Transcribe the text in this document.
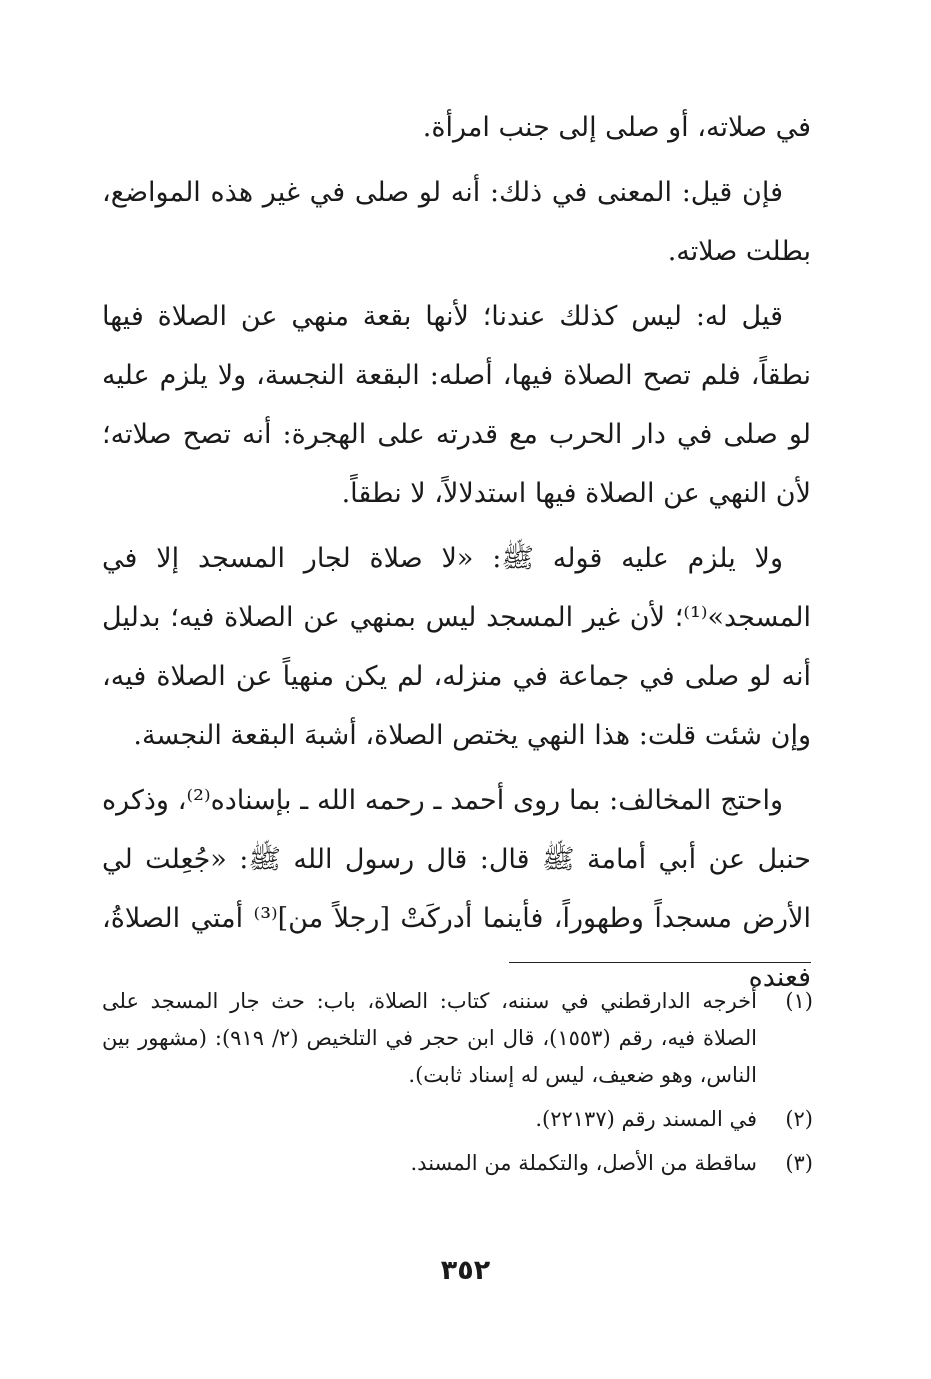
في صلاته، أو صلى إلى جنب امرأة.

فإن قيل: المعنى في ذلك: أنه لو صلى في غير هذه المواضع، بطلت صلاته.

قيل له: ليس كذلك عندنا؛ لأنها بقعة منهي عن الصلاة فيها نطقاً، فلم تصح الصلاة فيها، أصله: البقعة النجسة، ولا يلزم عليه لو صلى في دار الحرب مع قدرته على الهجرة: أنه تصح صلاته؛ لأن النهي عن الصلاة فيها استدلالاً، لا نطقاً.

ولا يلزم عليه قوله ﷺ: «لا صلاة لجار المسجد إلا في المسجد»⁽¹⁾؛ لأن غير المسجد ليس بمنهي عن الصلاة فيه؛ بدليل أنه لو صلى في جماعة في منزله، لم يكن منهياً عن الصلاة فيه، وإن شئت قلت: هذا النهي يختص الصلاة، أشبهَ البقعة النجسة.

واحتج المخالف: بما روى أحمد ـ رحمه الله ـ بإسناده⁽²⁾، وذكره حنبل عن أبي أمامة ﷺ قال: قال رسول الله ﷺ: «جُعِلت لي الأرض مسجداً وطهوراً، فأينما أدركَتْ [رجلاً من]⁽³⁾ أمتي الصلاةُ، فعنده

(١)
أخرجه الدارقطني في سننه، كتاب: الصلاة، باب: حث جار المسجد على الصلاة فيه، رقم (١٥٥٣)، قال ابن حجر في التلخيص (٢/ ٩١٩): (مشهور بين الناس، وهو ضعيف، ليس له إسناد ثابت).
(٢)
في المسند رقم (٢٢١٣٧).
(٣)
ساقطة من الأصل، والتكملة من المسند.
٣٥٢
